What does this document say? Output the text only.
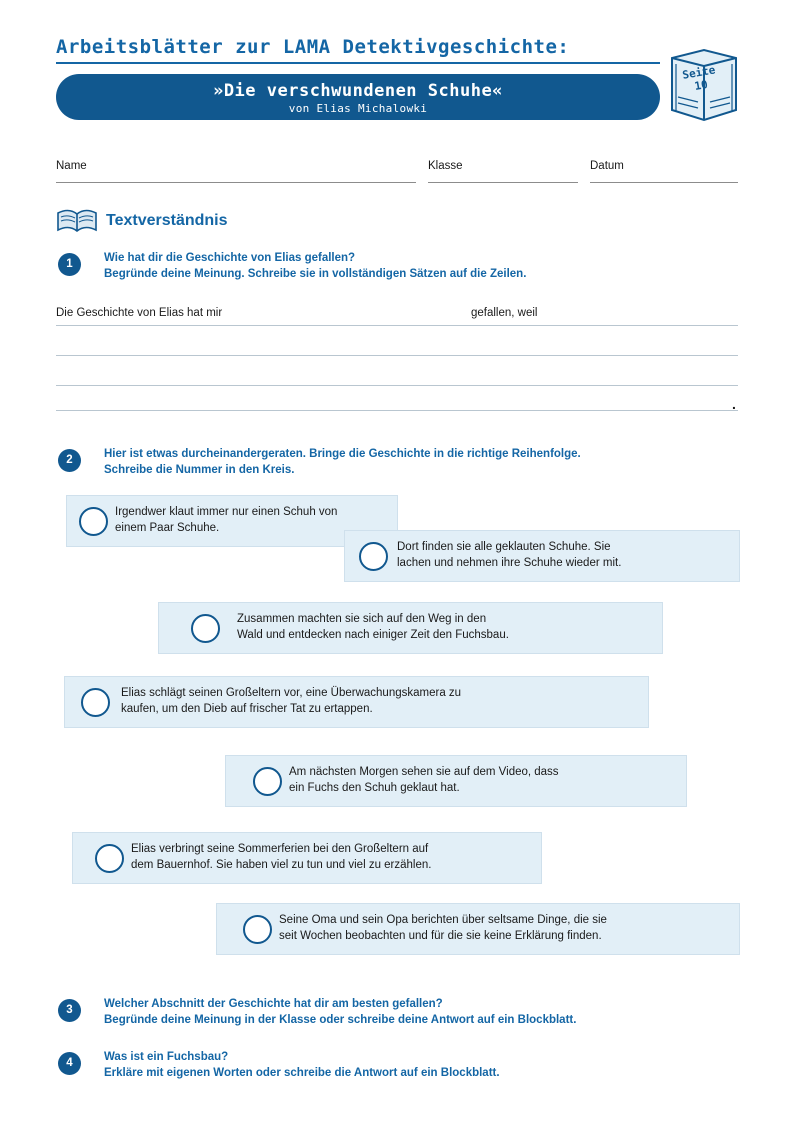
Arbeitsblätter zur LAMA Detektivgeschichte:
»Die verschwundenen Schuhe«
von Elias Michalowki
Seite
10
Name	Klasse	Datum
Textverständnis
1	Wie hat dir die Geschichte von Elias gefallen?
Begründe deine Meinung. Schreibe sie in vollständigen Sätzen auf die Zeilen.
Die Geschichte von Elias hat mir	gefallen, weil
.
2	Hier ist etwas durcheinandergeraten. Bringe die Geschichte in die richtige Reihenfolge.
Schreibe die Nummer in den Kreis.
Irgendwer klaut immer nur einen Schuh von
einem Paar Schuhe.
Dort finden sie alle geklauten Schuhe. Sie
lachen und nehmen ihre Schuhe wieder mit.
Zusammen machten sie sich auf den Weg in den
Wald und entdecken nach einiger Zeit den Fuchsbau.
Elias schlägt seinen Großeltern vor, eine Überwachungskamera zu
kaufen, um den Dieb auf frischer Tat zu ertappen.
Am nächsten Morgen sehen sie auf dem Video, dass
ein Fuchs den Schuh geklaut hat.
Elias verbringt seine Sommerferien bei den Großeltern auf
dem Bauernhof. Sie haben viel zu tun und viel zu erzählen.
Seine Oma und sein Opa berichten über seltsame Dinge, die sie
seit Wochen beobachten und für die sie keine Erklärung finden.
3	Welcher Abschnitt der Geschichte hat dir am besten gefallen?
Begründe deine Meinung in der Klasse oder schreibe deine Antwort auf ein Blockblatt.
4	Was ist ein Fuchsbau?
Erkläre mit eigenen Worten oder schreibe die Antwort auf ein Blockblatt.
